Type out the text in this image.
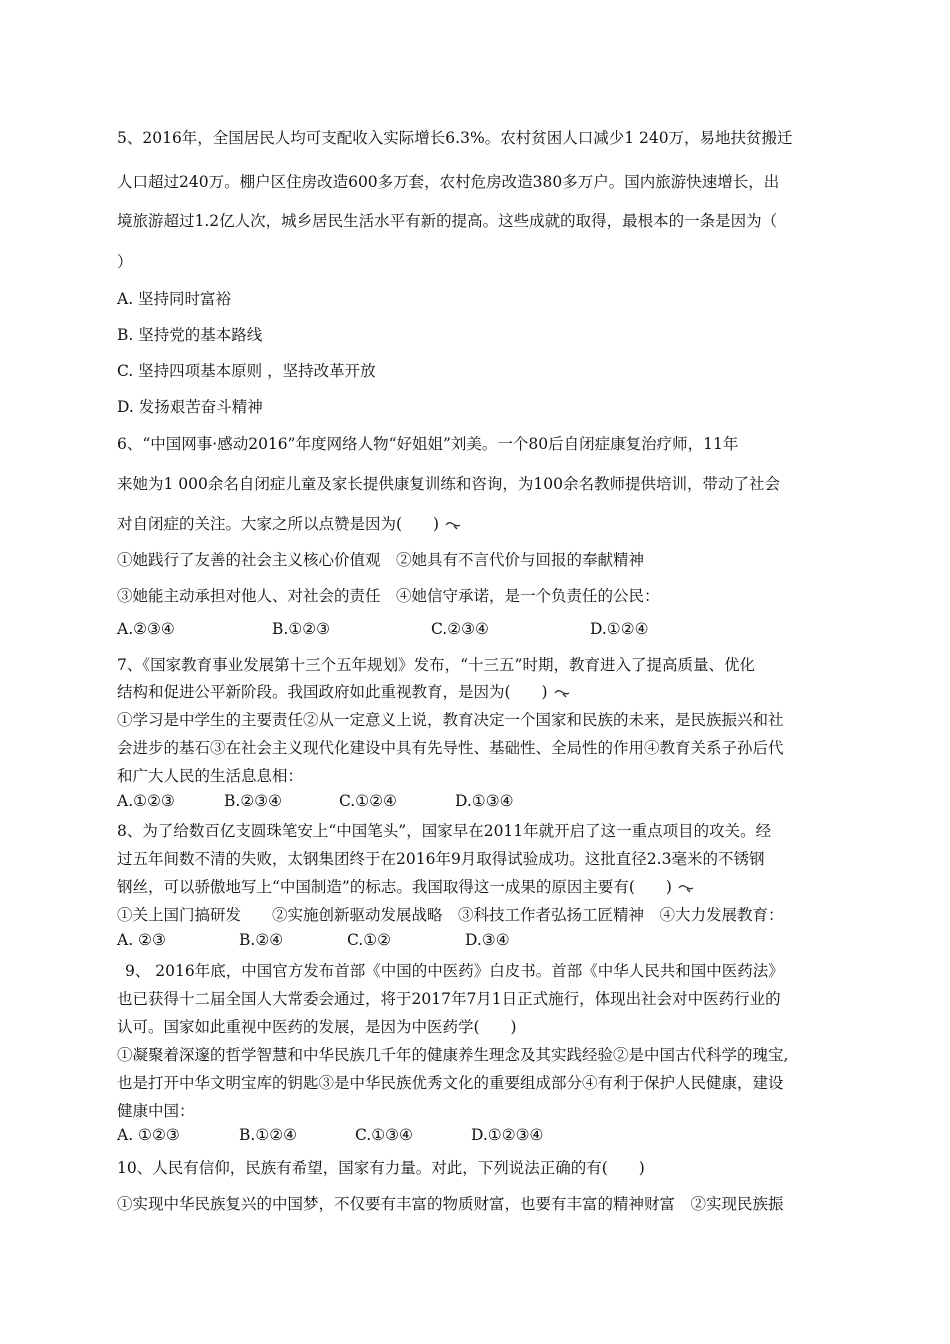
5、2016年，全国居民人均可支配收入实际增长6.3%。农村贫困人口减少1 240万，易地扶贫搬迁
人口超过240万。棚户区住房改造600多万套，农村危房改造380多万户。国内旅游快速增长，出
境旅游超过1.2亿人次，城乡居民生活水平有新的提高。这些成就的取得，最根本的一条是因为（
）
A. 坚持同时富裕
B. 坚持党的基本路线
C. 坚持四项基本原则 ，坚持改革开放
D. 发扬艰苦奋斗精神
6、“中国网事·感动2016”年度网络人物“好姐姐”刘美。一个80后自闭症康复治疗师，11年
来她为1 000余名自闭症儿童及家长提供康复训练和咨询，为100余名教师提供培训，带动了社会
对自闭症的关注。大家之所以点赞是因为(　　)
①她践行了友善的社会主义核心价值观　②她具有不言代价与回报的奉献精神
③她能主动承担对他人、对社会的责任　④她信守承诺，是一个负责任的公民：
A.②③④	B.①②③	C.②③④	D.①②④
7、《国家教育事业发展第十三个五年规划》发布，“十三五”时期，教育进入了提高质量、优化
结构和促进公平新阶段。我国政府如此重视教育，是因为(　　)
①学习是中学生的主要责任②从一定意义上说，教育决定一个国家和民族的未来，是民族振兴和社
会进步的基石③在社会主义现代化建设中具有先导性、基础性、全局性的作用④教育关系子孙后代
和广大人民的生活息息相：
A.①②③	B.②③④	C.①②④	D.①③④
8、为了给数百亿支圆珠笔安上“中国笔头”，国家早在2011年就开启了这一重点项目的攻关。经
过五年间数不清的失败，太钢集团终于在2016年9月取得试验成功。这批直径2.3毫米的不锈钢
钢丝，可以骄傲地写上“中国制造”的标志。我国取得这一成果的原因主要有(　　)
①关上国门搞研发　　②实施创新驱动发展战略　③科技工作者弘扬工匠精神　④大力发展教育：
A. ②③	B.②④	C.①②	D.③④
9、 2016年底，中国官方发布首部《中国的中医药》白皮书。首部《中华人民共和国中医药法》
也已获得十二届全国人大常委会通过，将于2017年7月1日正式施行，体现出社会对中医药行业的
认可。国家如此重视中医药的发展，是因为中医药学(　　)
①凝聚着深邃的哲学智慧和中华民族几千年的健康养生理念及其实践经验②是中国古代科学的瑰宝,
也是打开中华文明宝库的钥匙③是中华民族优秀文化的重要组成部分④有利于保护人民健康，建设
健康中国：
A. ①②③	B.①②④	C.①③④	D.①②③④
10、人民有信仰，民族有希望，国家有力量。对此，下列说法正确的有(　　)
①实现中华民族复兴的中国梦，不仅要有丰富的物质财富，也要有丰富的精神财富　②实现民族振
